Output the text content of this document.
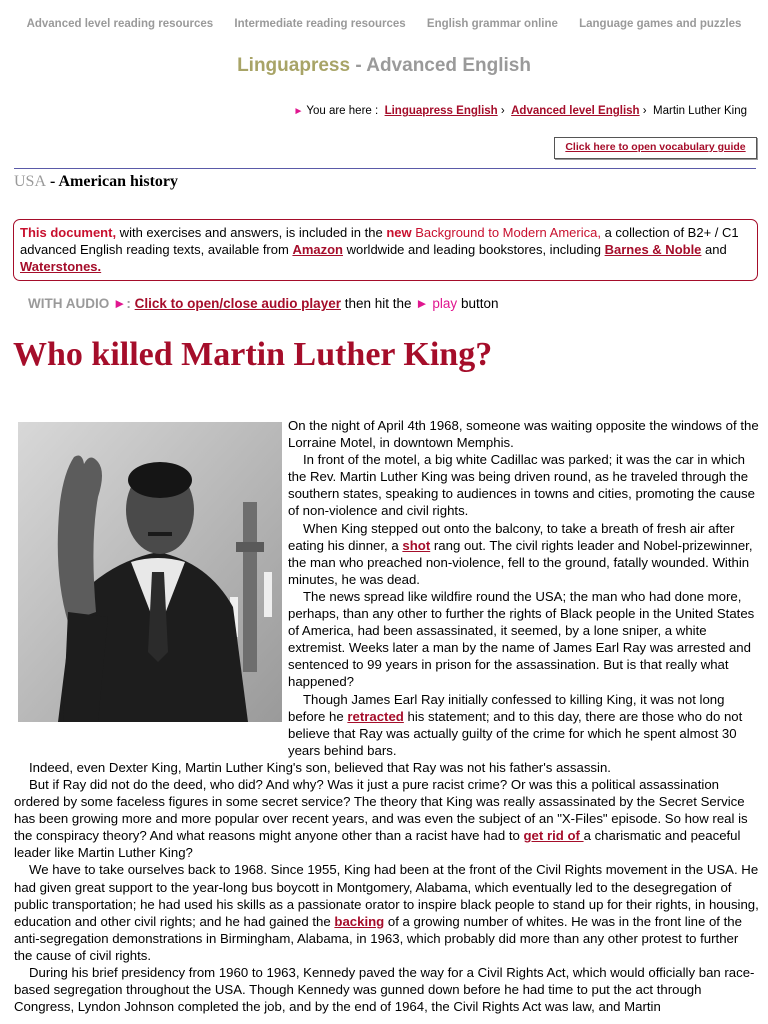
Advanced level reading resources Intermediate reading resources English grammar online Language games and puzzles
Linguapress - Advanced English
► You are here : Linguapress English › Advanced level English › Martin Luther King
Click here to open vocabulary guide
USA - American history
This document, with exercises and answers, is included in the new Background to Modern America, a collection of B2+ / C1 advanced English reading texts, available from Amazon worldwide and leading bookstores, including Barnes & Noble and Waterstones.
WITH AUDIO ►: Click to open/close audio player then hit the ► play button
Who killed Martin Luther King?

On the night of April 4th 1968, someone was waiting opposite the windows of the Lorraine Motel, in downtown Memphis.

In front of the motel, a big white Cadillac was parked; it was the car in which the Rev. Martin Luther King was being driven round, as he traveled through the southern states, speaking to audiences in towns and cities, promoting the cause of non-violence and civil rights.

When King stepped out onto the balcony, to take a breath of fresh air after eating his dinner, a shot rang out. The civil rights leader and Nobel-prizewinner, the man who preached non-violence, fell to the ground, fatally wounded. Within minutes, he was dead.

The news spread like wildfire round the USA; the man who had done more, perhaps, than any other to further the rights of Black people in the United States of America, had been assassinated, it seemed, by a lone sniper, a white extremist. Weeks later a man by the name of James Earl Ray was arrested and sentenced to 99 years in prison for the assassination. But is that really what happened?

Though James Earl Ray initially confessed to killing King, it was not long before he retracted his statement; and to this day, there are those who do not believe that Ray was actually guilty of the crime for which he spent almost 30 years behind bars.

Indeed, even Dexter King, Martin Luther King's son, believed that Ray was not his father's assassin.

But if Ray did not do the deed, who did? And why? Was it just a pure racist crime? Or was this a political assassination ordered by some faceless figures in some secret service? The theory that King was really assassinated by the Secret Service has been growing more and more popular over recent years, and was even the subject of an "X-Files" episode. So how real is the conspiracy theory? And what reasons might anyone other than a racist have had to get rid of a charismatic and peaceful leader like Martin Luther King?

We have to take ourselves back to 1968. Since 1955, King had been at the front of the Civil Rights movement in the USA. He had given great support to the year-long bus boycott in Montgomery, Alabama, which eventually led to the desegregation of public transportation; he had used his skills as a passionate orator to inspire black people to stand up for their rights, in housing, education and other civil rights; and he had gained the backing of a growing number of whites. He was in the front line of the anti-segregation demonstrations in Birmingham, Alabama, in 1963, which probably did more than any other protest to further the cause of civil rights.

During his brief presidency from 1960 to 1963, Kennedy paved the way for a Civil Rights Act, which would officially ban race-based segregation throughout the USA. Though Kennedy was gunned down before he had time to put the act through Congress, Lyndon Johnson completed the job, and by the end of 1964, the Civil Rights Act was law, and Martin
